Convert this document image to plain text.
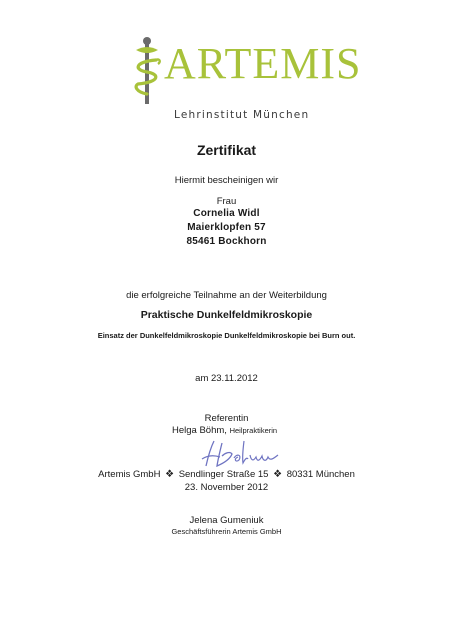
ARTEMIS
Lehrinstitut München
Zertifikat
Hiermit bescheinigen wir
Frau
Cornelia Widl
Maierklopfen 57
85461 Bockhorn
die erfolgreiche Teilnahme an der Weiterbildung
Praktische Dunkelfeldmikroskopie
Einsatz der Dunkelfeldmikroskopie Dunkelfeldmikroskopie bei Burn out.
am 23.11.2012
Referentin
Helga Böhm, Heilpraktikerin
Artemis GmbH ❖ Sendlinger Straße 15 ❖ 80331 München
23. November 2012
Jelena Gumeniuk
Geschäftsführerin Artemis GmbH
